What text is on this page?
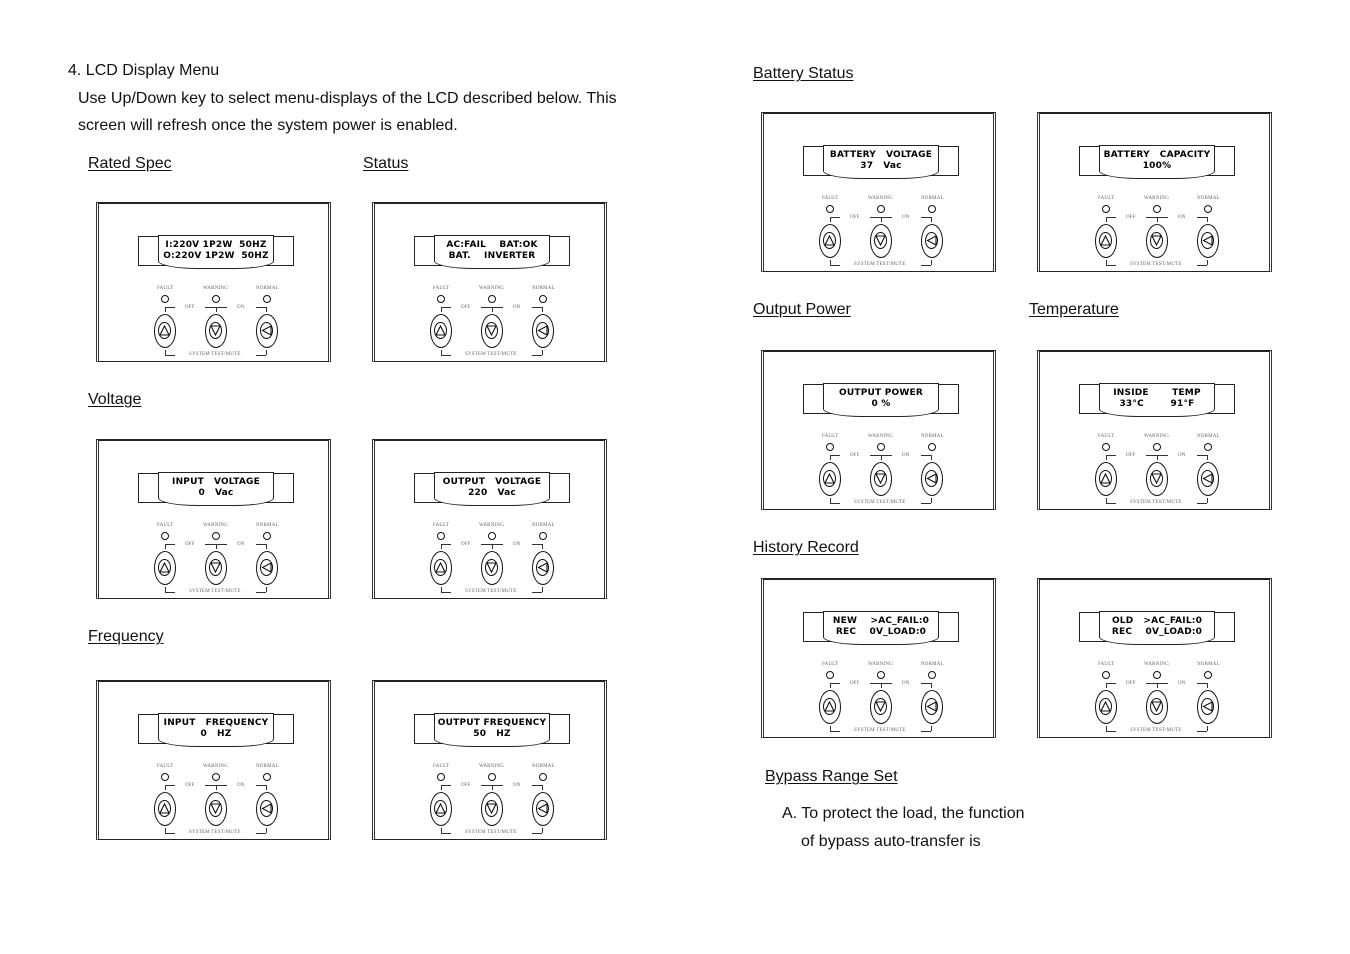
4. LCD Display Menu
Use Up/Down key to select menu-displays of the LCD described below. This
screen will refresh once the system power is enabled.
Rated Spec	Status
Voltage
Frequency
Battery Status
Output Power	Temperature
History Record
Bypass Range Set
A. To protect the load, the function
of bypass auto-transfer is
I:220V 1P2W  50HZ
O:220V 1P2W  50HZ
FAULT	WARNING	NORMAL
OFF	ON
SYSTEM TEST/MUTE
AC:FAIL    BAT:OK
BAT.    INVERTER
FAULT	WARNING	NORMAL
OFF	ON
SYSTEM TEST/MUTE
INPUT   VOLTAGE
0   Vac
FAULT	WARNING	NORMAL
OFF	ON
SYSTEM TEST/MUTE
OUTPUT   VOLTAGE
220   Vac
FAULT	WARNING	NORMAL
OFF	ON
SYSTEM TEST/MUTE
INPUT   FREQUENCY
0   HZ
FAULT	WARNING	NORMAL
OFF	ON
SYSTEM TEST/MUTE
OUTPUT FREQUENCY
50   HZ
FAULT	WARNING	NORMAL
OFF	ON
SYSTEM TEST/MUTE
BATTERY   VOLTAGE
37   Vac
FAULT	WARNING	NORMAL
OFF	ON
SYSTEM TEST/MUTE
BATTERY   CAPACITY
100%
FAULT	WARNING	NORMAL
OFF	ON
SYSTEM TEST/MUTE
OUTPUT POWER
0 %
FAULT	WARNING	NORMAL
OFF	ON
SYSTEM TEST/MUTE
INSIDE       TEMP
33°C        91°F
FAULT	WARNING	NORMAL
OFF	ON
SYSTEM TEST/MUTE
NEW    >AC_FAIL:0
REC    0V_LOAD:0
FAULT	WARNING	NORMAL
OFF	ON
SYSTEM TEST/MUTE
OLD   >AC_FAIL:0
REC    0V_LOAD:0
FAULT	WARNING	NORMAL
OFF	ON
SYSTEM TEST/MUTE
